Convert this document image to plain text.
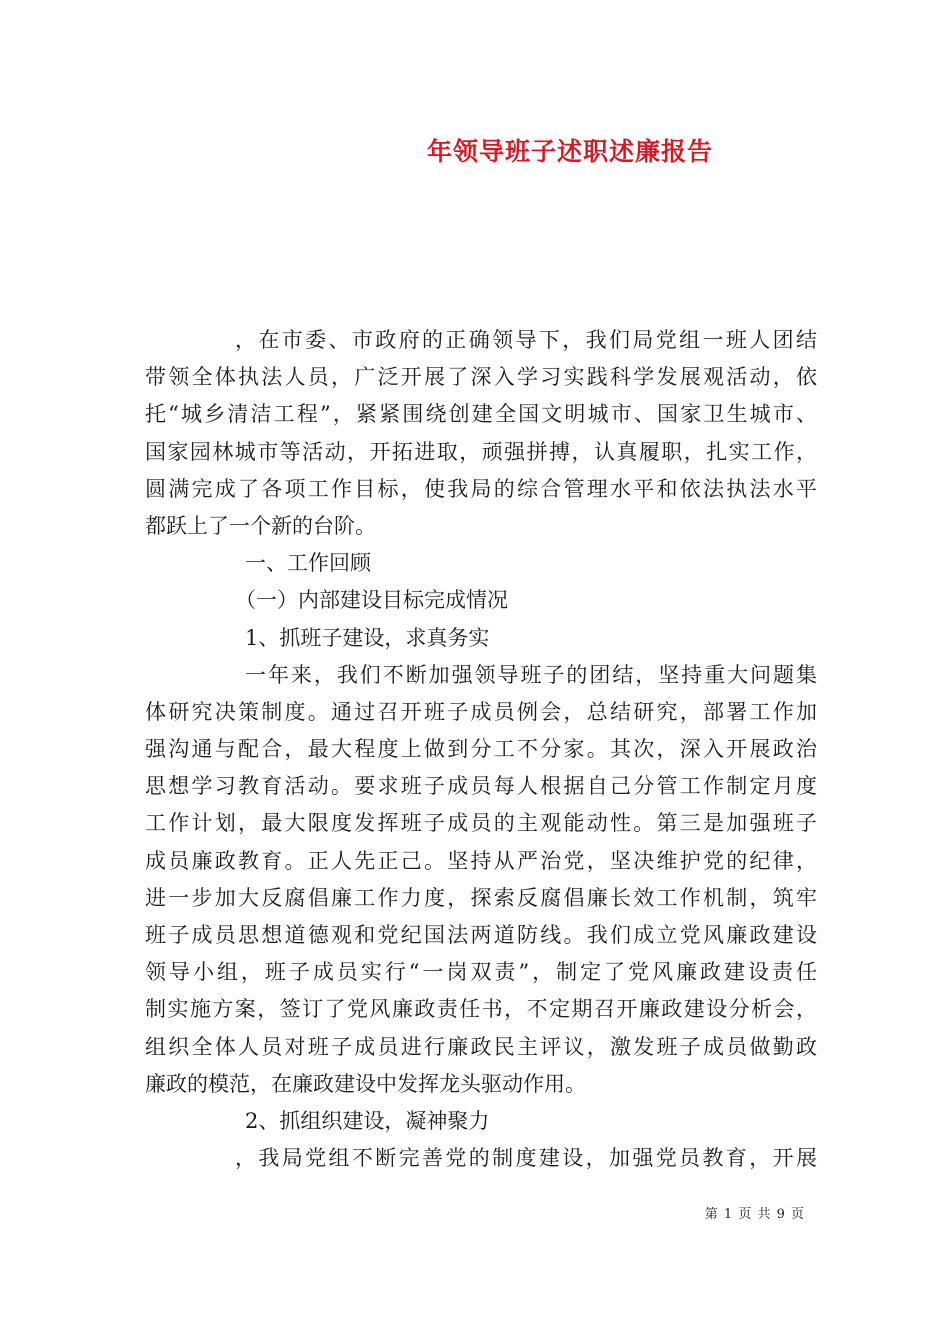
年领导班子述职述廉报告
，在市委、市政府的正确领导下，我们局党组一班人团结
带领全体执法人员，广泛开展了深入学习实践科学发展观活动，依
托“城乡清洁工程”，紧紧围绕创建全国文明城市、国家卫生城市、
国家园林城市等活动，开拓进取，顽强拼搏，认真履职，扎实工作，
圆满完成了各项工作目标，使我局的综合管理水平和依法执法水平
都跃上了一个新的台阶。
一、工作回顾
（一）内部建设目标完成情况
1、抓班子建设，求真务实
一年来，我们不断加强领导班子的团结，坚持重大问题集
体研究决策制度。通过召开班子成员例会，总结研究，部署工作加
强沟通与配合，最大程度上做到分工不分家。其次，深入开展政治
思想学习教育活动。要求班子成员每人根据自己分管工作制定月度
工作计划，最大限度发挥班子成员的主观能动性。第三是加强班子
成员廉政教育。正人先正己。坚持从严治党，坚决维护党的纪律，
进一步加大反腐倡廉工作力度，探索反腐倡廉长效工作机制，筑牢
班子成员思想道德观和党纪国法两道防线。我们成立党风廉政建设
领导小组，班子成员实行“一岗双责”，制定了党风廉政建设责任
制实施方案，签订了党风廉政责任书，不定期召开廉政建设分析会，
组织全体人员对班子成员进行廉政民主评议，激发班子成员做勤政
廉政的模范，在廉政建设中发挥龙头驱动作用。
2、抓组织建设，凝神聚力
，我局党组不断完善党的制度建设，加强党员教育，开展
第 1 页 共 9 页
